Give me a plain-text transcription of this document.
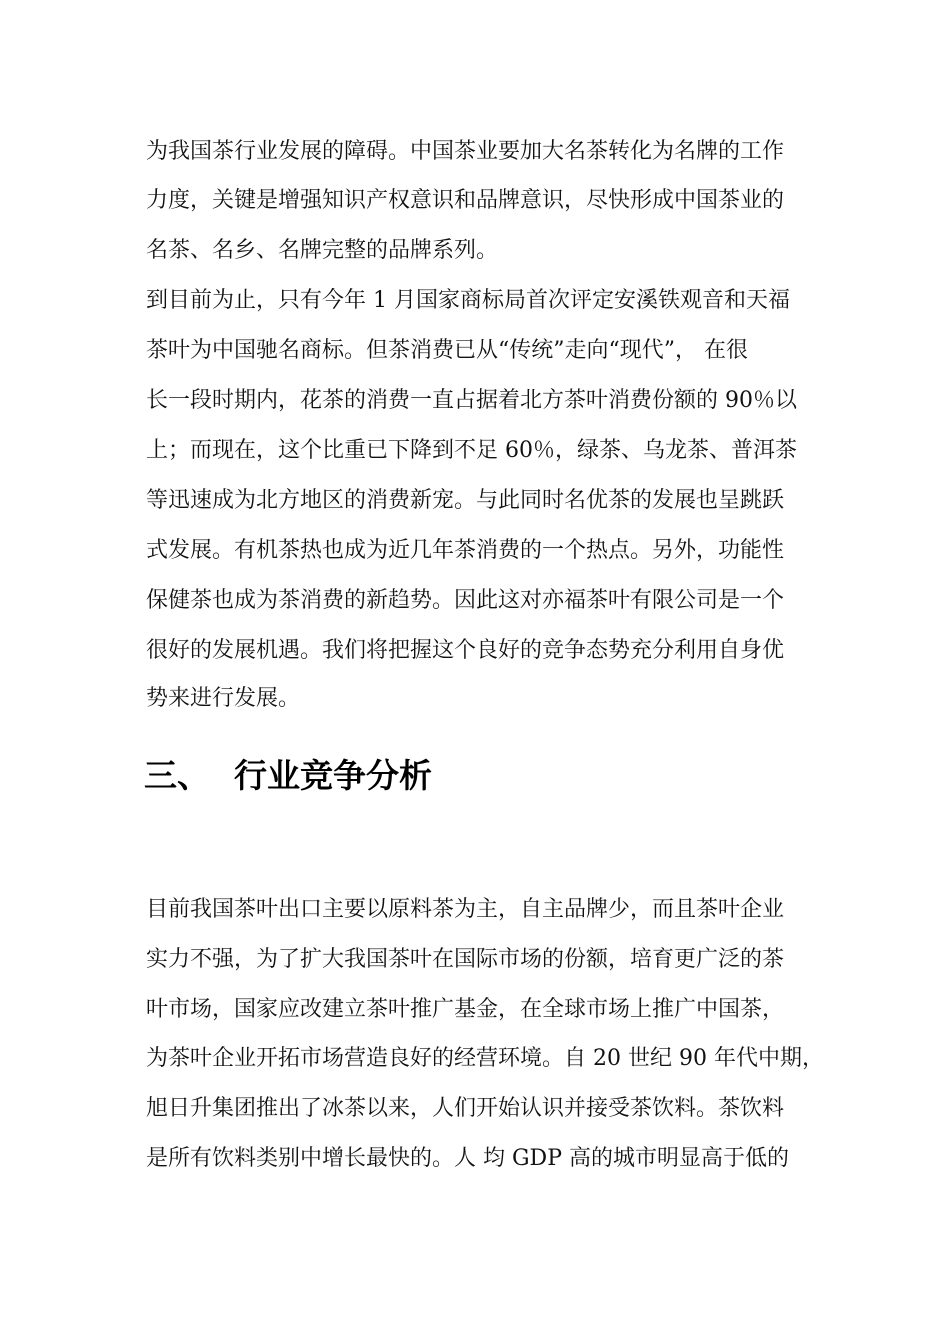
为我国茶行业发展的障碍。中国茶业要加大名茶转化为名牌的工作
力度，关键是增强知识产权意识和品牌意识，尽快形成中国茶业的
名茶、名乡、名牌完整的品牌系列。
到目前为止，只有今年 1 月国家商标局首次评定安溪铁观音和天福
茶叶为中国驰名商标。但茶消费已从“传统”走向“现代”， 在很
长一段时期内，花茶的消费一直占据着北方茶叶消费份额的 90％以
上；而现在，这个比重已下降到不足 60％，绿茶、乌龙茶、普洱茶
等迅速成为北方地区的消费新宠。与此同时名优茶的发展也呈跳跃
式发展。有机茶热也成为近几年茶消费的一个热点。另外，功能性
保健茶也成为茶消费的新趋势。因此这对亦福茶叶有限公司是一个
很好的发展机遇。我们将把握这个良好的竞争态势充分利用自身优
势来进行发展。
三、 行业竞争分析
目前我国茶叶出口主要以原料茶为主，自主品牌少，而且茶叶企业
实力不强，为了扩大我国茶叶在国际市场的份额，培育更广泛的茶
叶市场，国家应改建立茶叶推广基金，在全球市场上推广中国茶，
为茶叶企业开拓市场营造良好的经营环境。自 20 世纪 90 年代中期，
旭日升集团推出了冰茶以来，人们开始认识并接受茶饮料。茶饮料
是所有饮料类别中增长最快的。人 均 GDP 高的城市明显高于低的
